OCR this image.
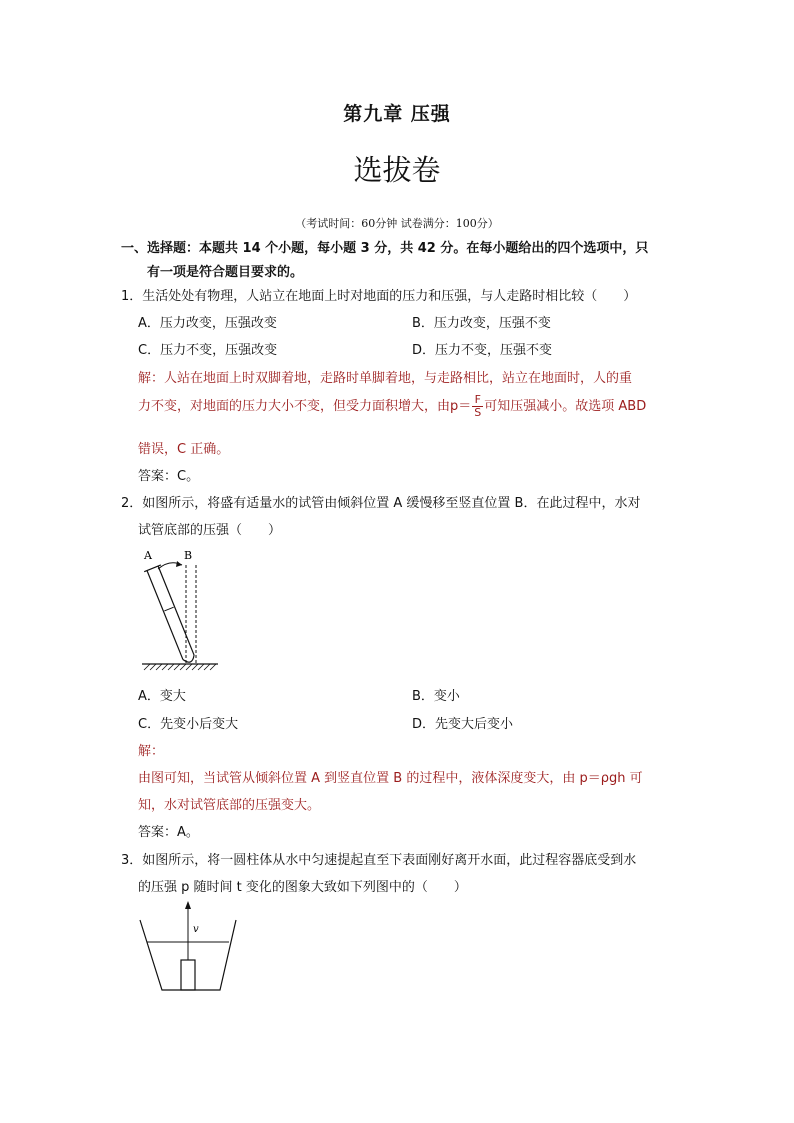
第九章 压强
选拔卷
（考试时间：60分钟 试卷满分：100分）
一、选择题：本题共 14 个小题，每小题 3 分，共 42 分。在每小题给出的四个选项中，只
有一项是符合题目要求的。
1．生活处处有物理，人站立在地面上时对地面的压力和压强，与人走路时相比较（　　）
A．压力改变，压强改变	B．压力改变，压强不变
C．压力不变，压强改变	D．压力不变，压强不变
解：人站在地面上时双脚着地，走路时单脚着地，与走路相比，站立在地面时，人的重
力不变，对地面的压力大小不变，但受力面积增大，由$p= \frac{F}{S}$ 可知压强减小。故选项 ABD
错误，C 正确。
答案：C。
2．如图所示，将盛有适量水的试管由倾斜位置 A 缓慢移至竖直位置 B．在此过程中，水对
试管底部的压强（　　）
A	B
A．变大	B．变小
C．先变小后变大	D．先变大后变小
解：
由图可知，当试管从倾斜位置 A 到竖直位置 B 的过程中，液体深度变大，由 p＝ρgh 可
知，水对试管底部的压强变大。
答案：A。
3．如图所示，将一圆柱体从水中匀速提起直至下表面刚好离开水面，此过程容器底受到水
的压强 p 随时间 t 变化的图象大致如下列图中的（　　）
v
